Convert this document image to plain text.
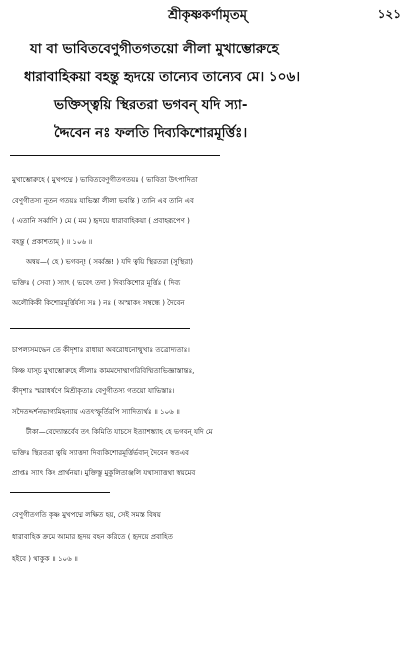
শ্রীকৃষ্ণকর্ণামৃতম্	১২১
যা বা ভাবিতবেণুগীতগতয়ো লীলা মুখাম্ভোরুহে
ধারাবাহিকয়া বহন্তু হৃদয়ে তান্যেব তান্যেব মে। ১০৬।
ভক্তিস্ত্বয়ি স্থিরতরা ভগবন্ যদি স্যা-
দ্দৈবেন নঃ ফলতি দিব্যকিশোরমূর্ত্তিঃ।

মুখাম্ভোরুহে ( মুখপদ্মে ) ভাবিতবেণুগীতগতয়ঃ ( ভাবিতা উৎপাদিতা

বেণুগীতস্য নূতন গতয়ঃ যাভিস্তা লীলা ভবন্তি ) তানি এব তানি এব

( এতানি সর্ব্বাণি ) মে ( মম ) হৃদয়ে ধারাবাহিকয়া ( প্রবাহরূপেণ )

বহন্তু ( প্রকাশতাম্ ) ॥ ১০৬ ॥

অন্বয়—( হে ) ভগবন্! ( সর্ব্বজ্ঞ! ) যদি ত্বয়ি স্থিরতরা (সুস্থিরা)

ভক্তিঃ ( সেবা ) স্যাৎ ( ভবেৎ তদা ) দিব্যকিশোর মূর্ত্তিঃ ( দিব্য

অলৌকিকী কিশোরমূর্ত্তির্যস্য সঃ ) নঃ ( অস্মাকং সম্বন্ধে ) দৈবেন

চাপল্যসমদ্ধেন তে কীদৃশাঃ রাধায়া অবরোধনোন্মুখাঃ তত্রোদ্যতাঃ।

কিঞ্চ যাস্চ মুখাম্ভোরুহে লীলাঃ কামমদোম্মাগরিবিম্মিতাভিজ্ঞাস্তান্তঃ,

কীদৃশাঃ স্মরাধর্ষণে মিশ্রীকৃতাঃ বেণুগীতস্য গতয়ো যাভিস্তাঃ।

সদৈতদ্দর্শনভাগ্যমিহন্যায় এতৎস্ফূর্তিরপি স্যাদিত্যর্থঃ ॥ ১০৬ ॥

টীকা—বেদ্যোন্তর্বেব তৎ কিমিতি যাচসে ইত্যাশঙ্ক্যাহ হে ভগবন্ যদি মে

ভক্তিঃ স্থিরতরা ত্বয়ি স্যাত্তদা দিব্যকিশোরমূর্ত্তির্ভবান্ দৈবেন স্বতএব

প্রাপ্তঃ স্যাৎ কিং প্রার্থনয়া। মুক্তিস্তু মুকুলিতাঞ্জলি যথাস্যাত্তথা স্বয়মেব

বেণুগীতগতি কৃষ্ণ মুখপদ্মে লক্ষিত হয়, সেই সমস্ত বিষয়

ধারাবাহিক ক্রমে আমার হৃদয় বহন করিতে ( হৃদয়ে প্রবাহিত

হইবে ) থাকুক ॥ ১০৬ ॥
